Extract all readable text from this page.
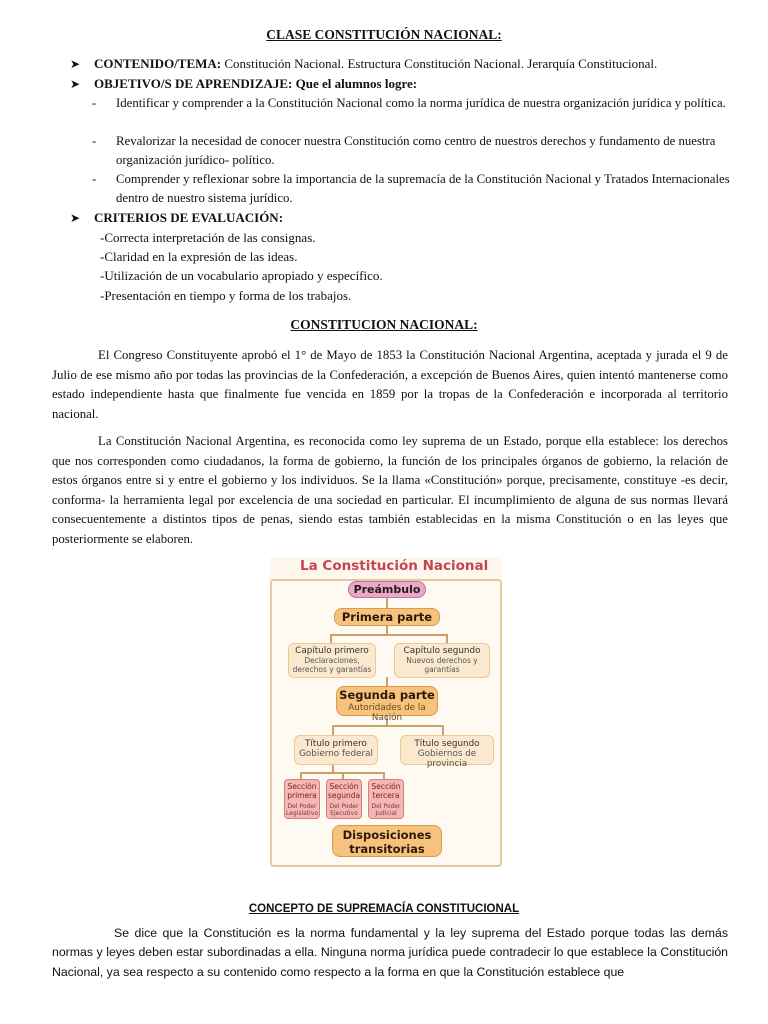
CLASE CONSTITUCIÓN NACIONAL:
➤ CONTENIDO/TEMA: Constitución Nacional. Estructura Constitución Nacional. Jerarquía Constitucional.
➤ OBJETIVO/S DE APRENDIZAJE: Que el alumnos logre:
- Identificar y comprender a la Constitución Nacional como la norma jurídica de nuestra organización jurídica y política.
- Revalorizar la necesidad de conocer nuestra Constitución como centro de nuestros derechos y fundamento de nuestra organización jurídico- político.
- Comprender y reflexionar sobre la importancia de la supremacía de la Constitución Nacional y Tratados Internacionales dentro de nuestro sistema jurídico.
➤ CRITERIOS DE EVALUACIÓN:
-Correcta interpretación de las consignas.
-Claridad en la expresión de las ideas.
-Utilización de un vocabulario apropiado y específico.
-Presentación en tiempo y forma de los trabajos.
CONSTITUCION NACIONAL:
El Congreso Constituyente aprobó el 1° de Mayo de 1853 la Constitución Nacional Argentina, aceptada y jurada el 9 de Julio de ese mismo año por todas las provincias de la Confederación, a excepción de Buenos Aires, quien intentó mantenerse como estado independiente hasta que finalmente fue vencida en 1859 por la tropas de la Confederación e incorporada al territorio nacional.
La Constitución Nacional Argentina, es reconocida como ley suprema de un Estado, porque ella establece: los derechos que nos corresponden como ciudadanos, la forma de gobierno, la función de los principales órganos de gobierno, la relación de estos órganos entre si y entre el gobierno y los individuos. Se la llama «Constitución» porque, precisamente, constituye -es decir, conforma- la herramienta legal por excelencia de una sociedad en particular. El incumplimiento de alguna de sus normas llevará consecuentemente a distintos tipos de penas, siendo estas también establecidas en la misma Constitución o en las leyes que posteriormente se elaboren.
La Constitución Nacional
Preámbulo
Primera parte
Capítulo primero
Declaraciones, derechos y garantías
Capítulo segundo
Nuevos derechos y garantías
Segunda parte
Autoridades de la Nación
Título primero
Gobierno federal
Título segundo
Gobiernos de provincia
Sección primera
Del Poder Legislativo
Sección segunda
Del Poder Ejecutivo
Sección tercera
Del Poder Judicial
Disposiciones transitorias
CONCEPTO DE SUPREMACÍA CONSTITUCIONAL
Se dice que la Constitución es la norma fundamental y la ley suprema del Estado porque todas las demás normas y leyes deben estar subordinadas a ella. Ninguna norma jurídica puede contradecir lo que establece la Constitución Nacional, ya sea respecto a su contenido como respecto a la forma en que la Constitución establece que
